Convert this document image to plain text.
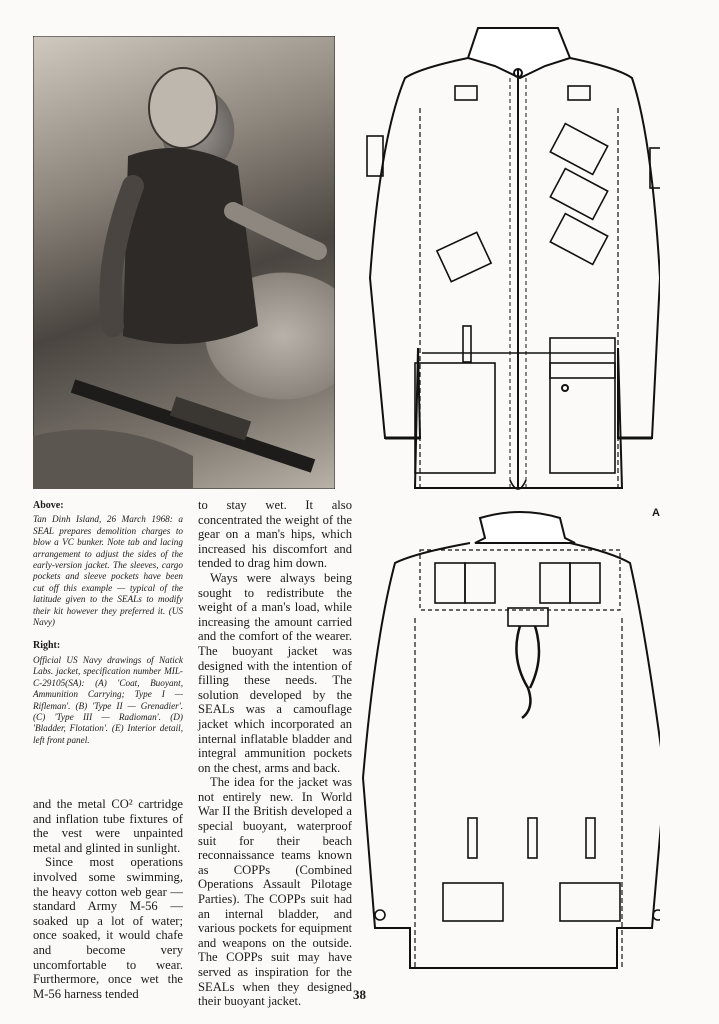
Above:

Tan Dinh Island, 26 March 1968: a SEAL prepares demolition charges to blow a VC bunker. Note tab and lacing arrangement to adjust the sides of the early-version jacket. The sleeves, cargo pockets and sleeve pockets have been cut off this example — typical of the latitude given to the SEALs to modify their kit however they preferred it. (US Navy)

Right:

Official US Navy drawings of Natick Labs. jacket, specification number MIL-C-29105(SA): (A) 'Coat, Buoyant, Ammunition Carrying; Type I — Rifleman'. (B) 'Type II — Grenadier'. (C) 'Type III — Radioman'. (D) 'Bladder, Flotation'. (E) Interior detail, left front panel.

and the metal CO² cartridge and inflation tube fixtures of the vest were unpainted metal and glinted in sunlight.

Since most operations involved some swimming, the heavy cotton web gear — standard Army M-56 — soaked up a lot of water; once soaked, it would chafe and become very uncomfortable to wear. Furthermore, once wet the M-56 harness tended

to stay wet. It also concentrated the weight of the gear on a man's hips, which increased his discomfort and tended to drag him down.

Ways were always being sought to redistribute the weight of a man's load, while increasing the amount carried and the comfort of the wearer. The buoyant jacket was designed with the intention of filling these needs. The solution developed by the SEALs was a camouflage jacket which incorporated an internal inflatable bladder and integral ammunition pockets on the chest, arms and back.

The idea for the jacket was not entirely new. In World War II the British developed a special buoyant, waterproof suit for their beach reconnaissance teams known as COPPs (Combined Operations Assault Pilotage Parties). The COPPs suit had an internal bladder, and various pockets for equipment and weapons on the outside. The COPPs suit may have served as inspiration for the SEALs when they designed their buoyant jacket.

A
38
